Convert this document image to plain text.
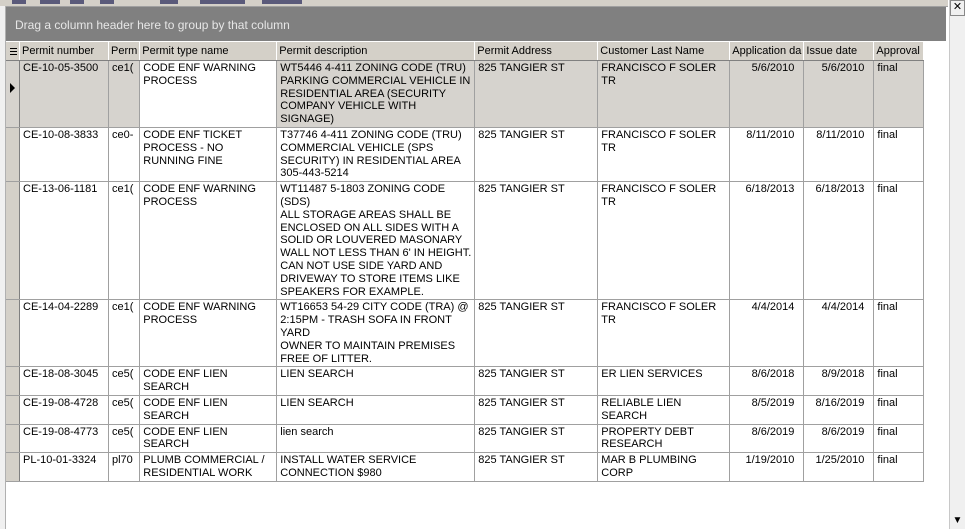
Drag a column header here to group by that column
	Permit number	Perm	Permit type name	Permit description	Permit Address	Customer Last Name	Application da	Issue date	Approval

	CE-10-05-3500	ce1(	CODE ENF WARNING PROCESS	WT5446 4-411 ZONING CODE (TRU) PARKING COMMERCIAL VEHICLE IN RESIDENTIAL AREA (SECURITY COMPANY VEHICLE WITH SIGNAGE)	825 TANGIER ST	FRANCISCO F SOLER TR	5/6/2010	5/6/2010	final
	CE-10-08-3833	ce0-	CODE ENF TICKET PROCESS - NO RUNNING FINE	T37746 4-411 ZONING CODE (TRU) COMMERCIAL VEHICLE (SPS SECURITY) IN RESIDENTIAL AREA 305-443-5214	825 TANGIER ST	FRANCISCO F SOLER TR	8/11/2010	8/11/2010	final
	CE-13-06-1181	ce1(	CODE ENF WARNING PROCESS	WT11487 5-1803 ZONING CODE (SDS)
ALL STORAGE AREAS SHALL BE ENCLOSED ON ALL SIDES WITH A SOLID OR LOUVERED MASONARY WALL NOT LESS THAN 6' IN HEIGHT. CAN NOT USE SIDE YARD AND DRIVEWAY TO STORE ITEMS LIKE SPEAKERS FOR EXAMPLE.	825 TANGIER ST	FRANCISCO F SOLER TR	6/18/2013	6/18/2013	final
	CE-14-04-2289	ce1(	CODE ENF WARNING PROCESS	WT16653 54-29 CITY CODE (TRA) @ 2:15PM - TRASH SOFA IN FRONT YARD
OWNER TO MAINTAIN PREMISES FREE OF LITTER.	825 TANGIER ST	FRANCISCO F SOLER TR	4/4/2014	4/4/2014	final
	CE-18-08-3045	ce5(	CODE ENF LIEN SEARCH	LIEN SEARCH	825 TANGIER ST	ER LIEN SERVICES	8/6/2018	8/9/2018	final
	CE-19-08-4728	ce5(	CODE ENF LIEN SEARCH	LIEN SEARCH	825 TANGIER ST	RELIABLE LIEN SEARCH	8/5/2019	8/16/2019	final
	CE-19-08-4773	ce5(	CODE ENF LIEN SEARCH	lien search	825 TANGIER ST	PROPERTY DEBT RESEARCH	8/6/2019	8/6/2019	final
	PL-10-01-3324	pl70	PLUMB COMMERCIAL / RESIDENTIAL WORK	INSTALL WATER SERVICE CONNECTION $980	825 TANGIER ST	MAR B PLUMBING CORP	1/19/2010	1/25/2010	final
✕
▼
